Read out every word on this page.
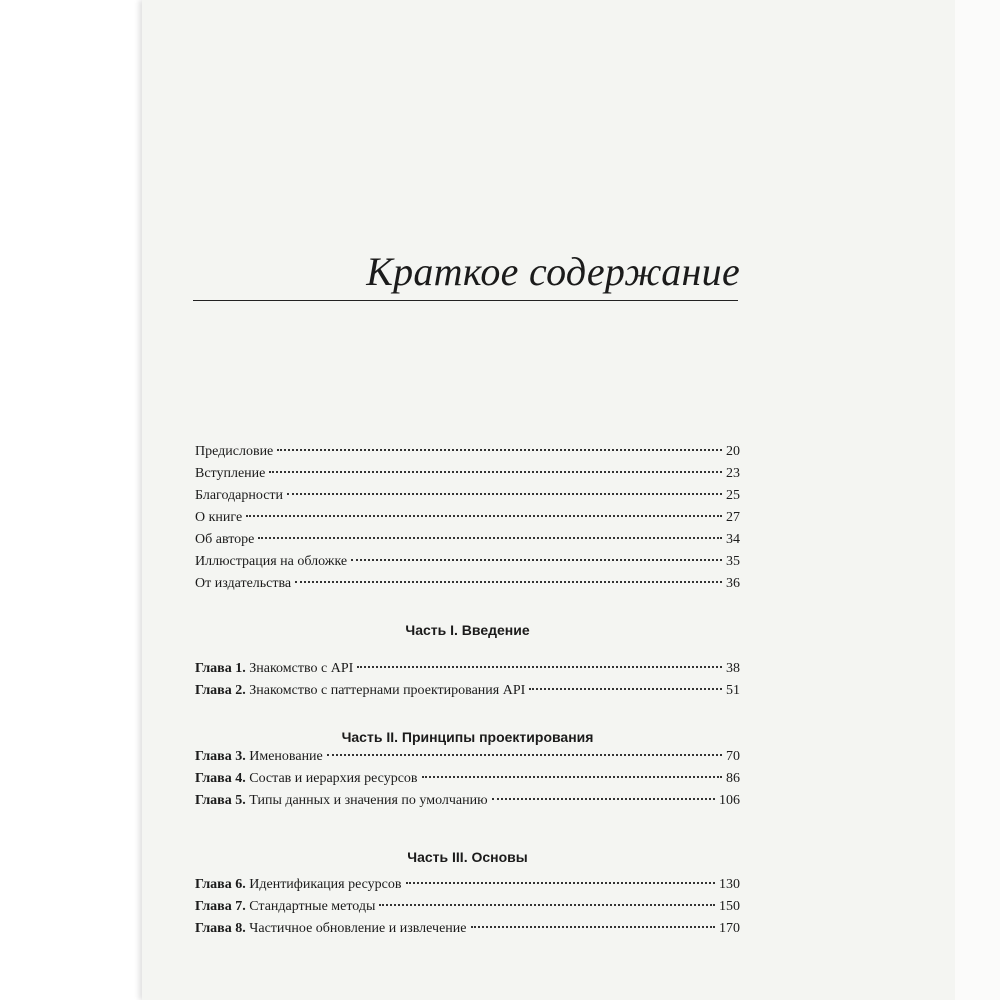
Краткое содержание
Предисловие	20
Вступление	23
Благодарности	25
О книге	27
Об авторе	34
Иллюстрация на обложке	35
От издательства	36
Часть I. Введение
Глава 1. Знакомство с API	38
Глава 2. Знакомство с паттернами проектирования API	51
Часть II. Принципы проектирования
Глава 3. Именование	70
Глава 4. Состав и иерархия ресурсов	86
Глава 5. Типы данных и значения по умолчанию	106
Часть III. Основы
Глава 6. Идентификация ресурсов	130
Глава 7. Стандартные методы	150
Глава 8. Частичное обновление и извлечение	170
